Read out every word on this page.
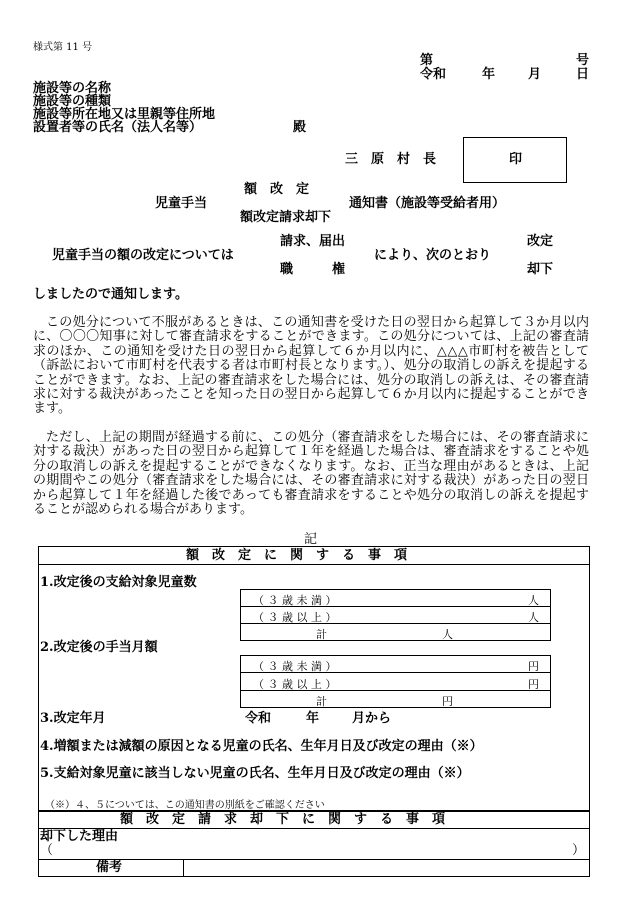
様式第 11 号
第	号
令和	年	月	日
施設等の名称
施設等の種類
施設等所在地又は里親等住所地
設置者等の氏名（法人名等）	殿
三　原　村　長	印
額　改　定
児童手当	通知書（施設等受給者用）
額改定請求却下
請求、届出	改定
児童手当の額の改定については	により、次のとおり
職　　　権	却下
しましたので通知します。
この処分について不服があるときは、この通知書を受けた日の翌日から起算して３か月以内に、〇〇〇知事に対して審査請求をすることができます。この処分については、上記の審査請求のほか、この通知を受けた日の翌日から起算して６か月以内に、△△△市町村を被告として（訴訟において市町村を代表する者は市町村長となります。）、処分の取消しの訴えを提起することができます。なお、上記の審査請求をした場合には、処分の取消しの訴えは、その審査請求に対する裁決があったことを知った日の翌日から起算して６か月以内に提起することができます。
ただし、上記の期間が経過する前に、この処分（審査請求をした場合には、その審査請求に対する裁決）があった日の翌日から起算して１年を経過した場合は、審査請求をすることや処分の取消しの訴えを提起することができなくなります。なお、正当な理由があるときは、上記の期間やこの処分（審査請求をした場合には、その審査請求に対する裁決）があった日の翌日から起算して１年を経過した後であっても審査請求をすることや処分の取消しの訴えを提起することが認められる場合があります。
記
額　改　定　に　関　す　る　事　項
1.改定後の支給対象児童数
（ ３ 歳 未 満 ）	人
（ ３ 歳 以 上 ）	人
計	人
2.改定後の手当月額
（ ３ 歳 未 満 ）	円
（ ３ 歳 以 上 ）	円
計	円
3.改定年月	令和	年	月から
4.増額または減額の原因となる児童の氏名、生年月日及び改定の理由（※）
5.支給対象児童に該当しない児童の氏名、生年月日及び改定の理由（※）
（※）４、５については、この通知書の別紙をご確認ください
額　改　定　請　求　却　下　に　関　す　る　事　項
却下した理由
（	）
備考
